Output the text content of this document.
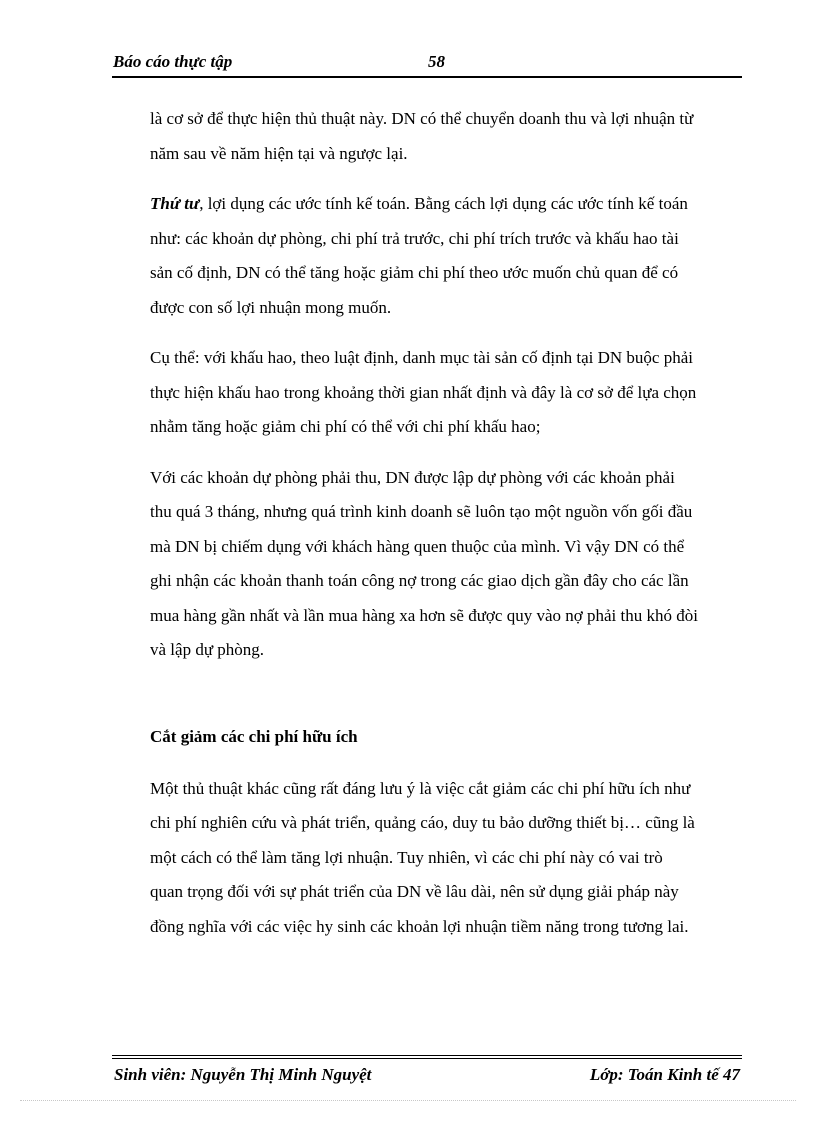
Báo cáo thực tập	58

là cơ sở để thực hiện thủ thuật này. DN có thể chuyển doanh thu và lợi nhuận từ năm sau về năm hiện tại và ngược lại.

Thứ tư, lợi dụng các ước tính kế toán. Bằng cách lợi dụng các ước tính kế toán như: các khoản dự phòng, chi phí trả trước, chi phí trích trước và khấu hao tài sản cố định, DN có thể tăng hoặc giảm chi phí theo ước muốn chủ quan để có được con số lợi nhuận mong muốn.

Cụ thể: với khấu hao, theo luật định, danh mục tài sản cố định tại DN buộc phải thực hiện khấu hao trong khoảng thời gian nhất định và đây là cơ sở để lựa chọn nhằm tăng hoặc giảm chi phí có thể với chi phí khấu hao;

Với các khoản dự phòng phải thu, DN được lập dự phòng với các khoản phải thu quá 3 tháng, nhưng quá trình kinh doanh sẽ luôn tạo một nguồn vốn gối đầu mà DN bị chiếm dụng với khách hàng quen thuộc của mình. Vì vậy DN có thể ghi nhận các khoản thanh toán công nợ trong các giao dịch gần đây cho các lần mua hàng gần nhất và lần mua hàng xa hơn sẽ được quy vào nợ phải thu khó đòi và lập dự phòng.

Cắt giảm các chi phí hữu ích

Một thủ thuật khác cũng rất đáng lưu ý là việc cắt giảm các chi phí hữu ích như chi phí nghiên cứu và phát triển, quảng cáo, duy tu bảo dưỡng thiết bị… cũng là một cách có thể làm tăng lợi nhuận. Tuy nhiên, vì các chi phí này có vai trò quan trọng đối với sự phát triển của DN về lâu dài, nên sử dụng giải pháp này đồng nghĩa với các việc hy sinh các khoản lợi nhuận tiềm năng trong tương lai.

Sinh viên: Nguyễn Thị Minh Nguyệt	Lớp: Toán Kinh tế 47
